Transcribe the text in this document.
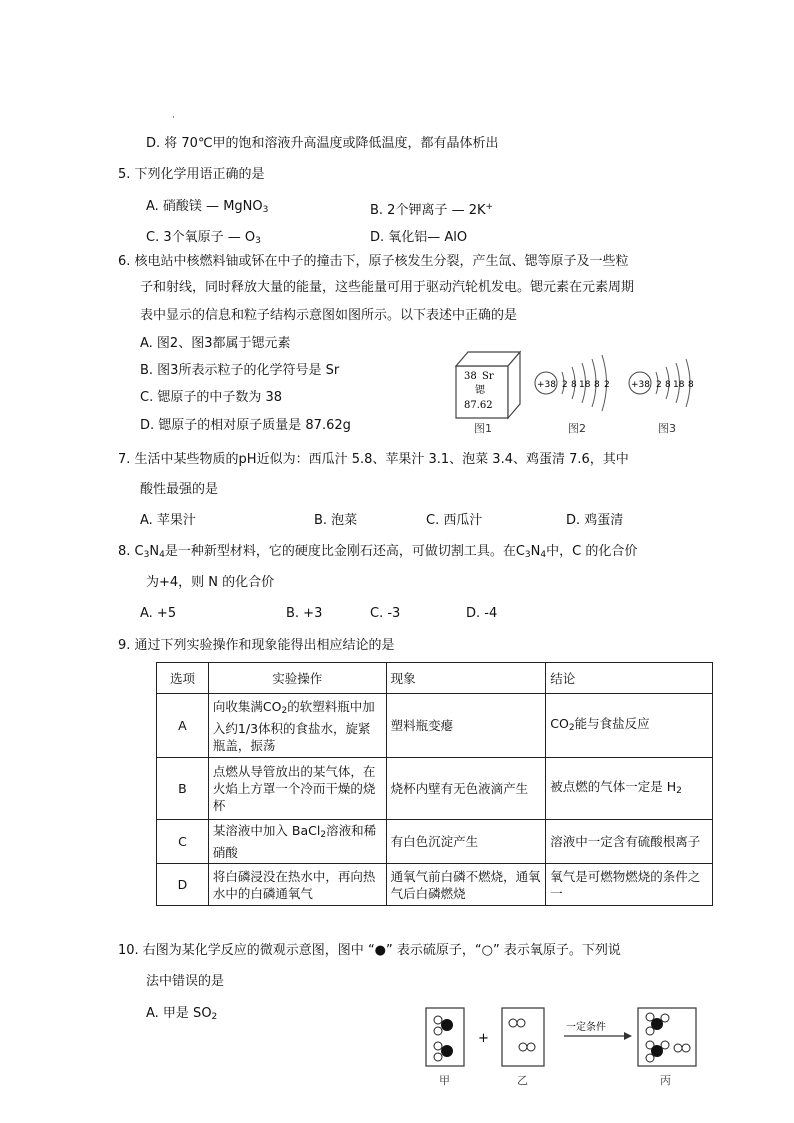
·
D. 将 70℃甲的饱和溶液升高温度或降低温度，都有晶体析出
5. 下列化学用语正确的是
A. 硝酸镁 — MgNO$_3$	B. 2个钾离子 — 2K+
C. 3个氧原子 — $O_3$	D. 氧化铝— AlO
6. 核电站中核燃料铀或钚在中子的撞击下，原子核发生分裂，产生氙、锶等原子及一些粒
子和射线，同时释放大量的能量，这些能量可用于驱动汽轮机发电。锶元素在元素周期
表中显示的信息和粒子结构示意图如图所示。以下表述中正确的是
A. 图2、图3都属于锶元素
B. 图3所表示粒子的化学符号是 Sr
C. 锶原子的中子数为 38
D. 锶原子的相对原子质量是 87.62g
38 Sr
锶
87.62
+38 2 8 18 8 2 +38 2 8 18 8
图1	图2	图3
7. 生活中某些物质的pH近似为：西瓜汁 5.8、苹果汁 3.1、泡菜 3.4、鸡蛋清 7.6，其中
酸性最强的是
A. 苹果汁	B. 泡菜	C. 西瓜汁	D. 鸡蛋清
8. $C_3N_4$是一种新型材料，它的硬度比金刚石还高，可做切割工具。在$C_3N_4$中，C 的化合价
为+4，则 N 的化合价
A. +5	B. +3	C. -3	D. -4
9. 通过下列实验操作和现象能得出相应结论的是
选项	实验操作	现象	结论
A	向收集满$CO_2$的软塑料瓶中加入约1/3体积的食盐水，旋紧瓶盖，振荡	塑料瓶变瘪	$CO_2$能与食盐反应
B	点燃从导管放出的某气体，在火焰上方罩一个冷而干燥的烧杯	烧杯内壁有无色液滴产生	被点燃的气体一定是 $H_2$
C	某溶液中加入 BaCl$_2$溶液和稀硝酸	有白色沉淀产生	溶液中一定含有硫酸根离子
D	将白磷浸没在热水中，再向热水中的白磷通氧气	通氧气前白磷不燃烧，通氧气后白磷燃烧	氧气是可燃物燃烧的条件之一
10. 右图为某化学反应的微观示意图，图中 “●” 表示硫原子，“○” 表示氧原子。下列说
法中错误的是
A. 甲是 $SO_2$
+
一定条件
甲	乙	丙
